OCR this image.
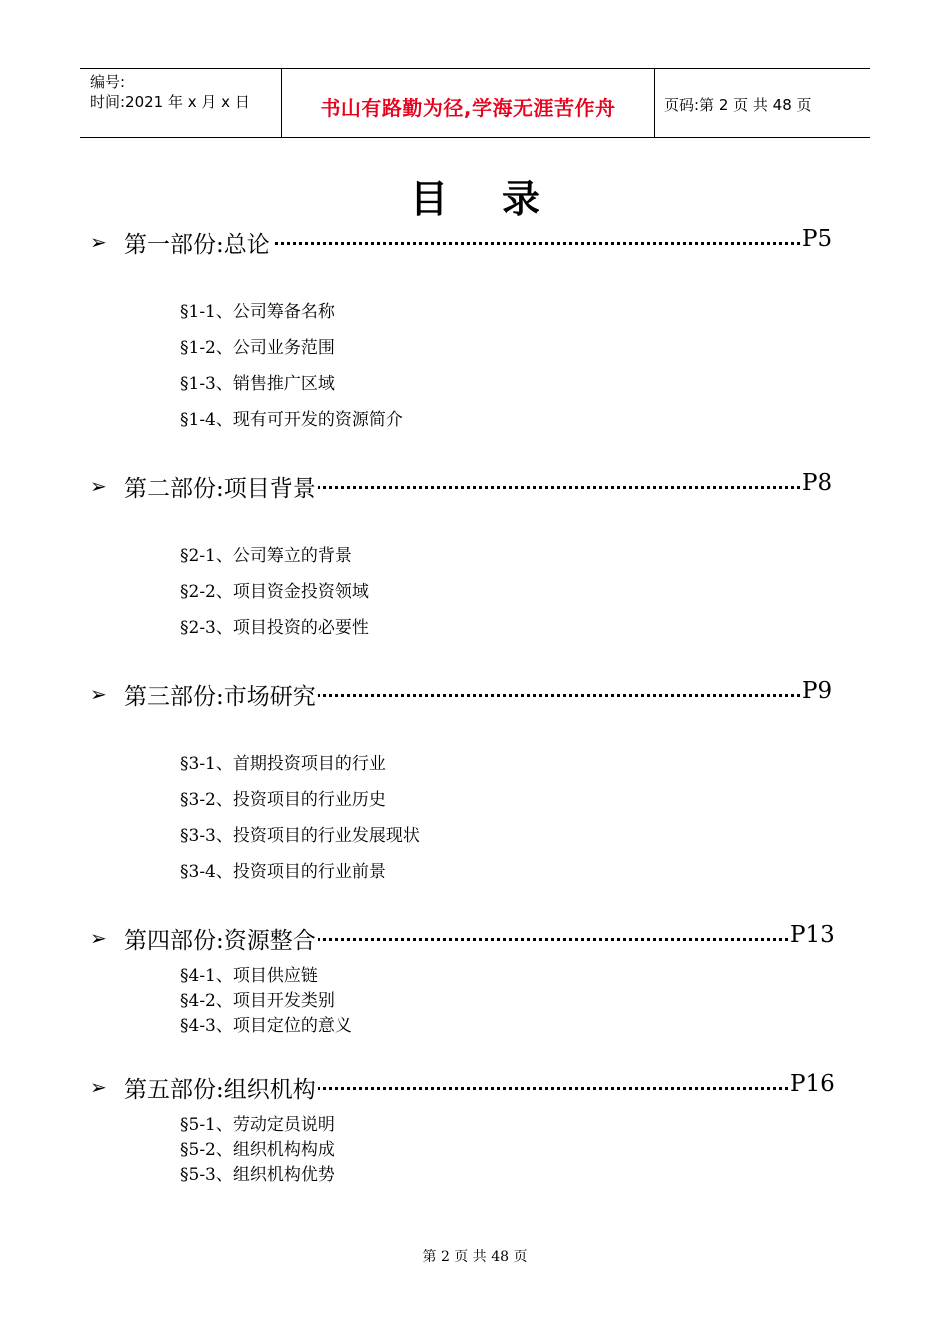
编号:
时间:2021 年 x 月 x 日	书山有路勤为径,学海无涯苦作舟	页码:第 2 页 共 48 页
目录
➢ 第一部份:总论	P5
§1-1、公司筹备名称
§1-2、公司业务范围
§1-3、销售推广区域
§1-4、现有可开发的资源简介
➢ 第二部份:项目背景	P8
§2-1、公司筹立的背景
§2-2、项目资金投资领域
§2-3、项目投资的必要性
➢ 第三部份:市场研究	P9
§3-1、首期投资项目的行业
§3-2、投资项目的行业历史
§3-3、投资项目的行业发展现状
§3-4、投资项目的行业前景
➢ 第四部份:资源整合	P13
§4-1、项目供应链
§4-2、项目开发类别
§4-3、项目定位的意义
➢ 第五部份:组织机构	P16
§5-1、劳动定员说明
§5-2、组织机构构成
§5-3、组织机构优势
第 2 页 共 48 页
